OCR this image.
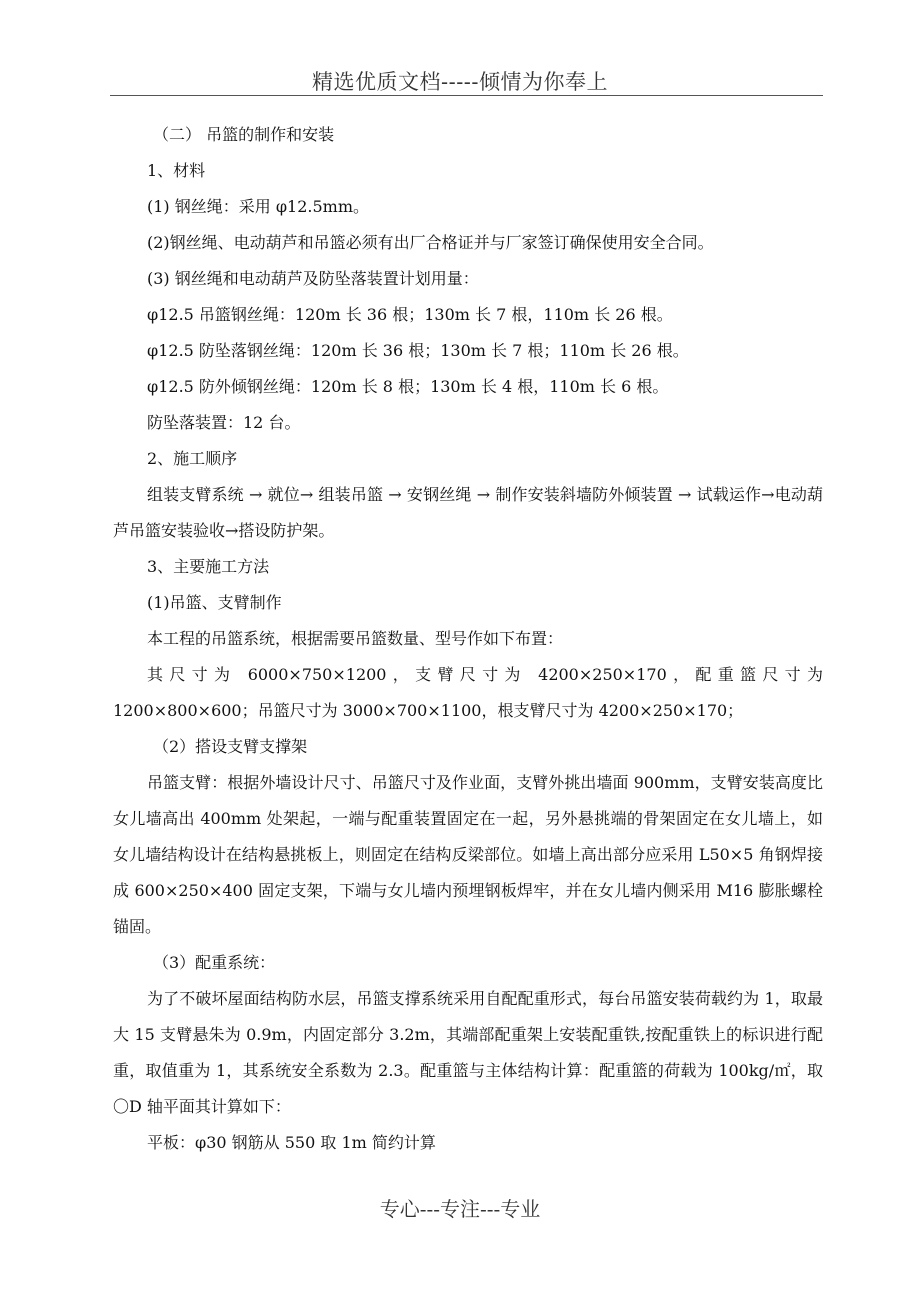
精选优质文档-----倾情为你奉上

（二） 吊篮的制作和安装

1、材料

(1) 钢丝绳：采用 φ12.5mm。

(2)钢丝绳、电动葫芦和吊篮必须有出厂合格证并与厂家签订确保使用安全合同。

(3) 钢丝绳和电动葫芦及防坠落装置计划用量：

φ12.5 吊篮钢丝绳：120m 长 36 根；130m 长 7 根，110m 长 26 根。

φ12.5 防坠落钢丝绳：120m 长 36 根；130m 长 7 根；110m 长 26 根。

φ12.5 防外倾钢丝绳：120m 长 8 根；130m 长 4 根，110m 长 6 根。

防坠落装置：12 台。

2、施工顺序

组装支臂系统 → 就位→ 组装吊篮 → 安钢丝绳 → 制作安装斜墙防外倾装置 → 试载运作→电动葫芦吊篮安装验收→搭设防护架。

3、主要施工方法

(1)吊篮、支臂制作

本工程的吊篮系统，根据需要吊篮数量、型号作如下布置：

其尺寸为 6000×750×1200，支臂尺寸为 4200×250×170，配重篮尺寸为 1200×800×600；吊篮尺寸为 3000×700×1100，根支臂尺寸为 4200×250×170；

（2）搭设支臂支撑架

吊篮支臂：根据外墙设计尺寸、吊篮尺寸及作业面，支臂外挑出墙面 900mm，支臂安装高度比女儿墙高出 400mm 处架起，一端与配重装置固定在一起，另外悬挑端的骨架固定在女儿墙上，如女儿墙结构设计在结构悬挑板上，则固定在结构反梁部位。如墙上高出部分应采用 L50×5 角钢焊接成 600×250×400 固定支架，下端与女儿墙内预埋钢板焊牢，并在女儿墙内侧采用 M16 膨胀螺栓锚固。

（3）配重系统：

为了不破坏屋面结构防水层，吊篮支撑系统采用自配配重形式，每台吊篮安装荷载约为 1，取最大 15 支臂悬朱为 0.9m，内固定部分 3.2m，其端部配重架上安装配重铁,按配重铁上的标识进行配重，取值重为 1，其系统安全系数为 2.3。配重篮与主体结构计算：配重篮的荷载为 100kg/㎡，取〇D 轴平面其计算如下：

平板：φ30 钢筋从 550 取 1m 简约计算

专心---专注---专业
